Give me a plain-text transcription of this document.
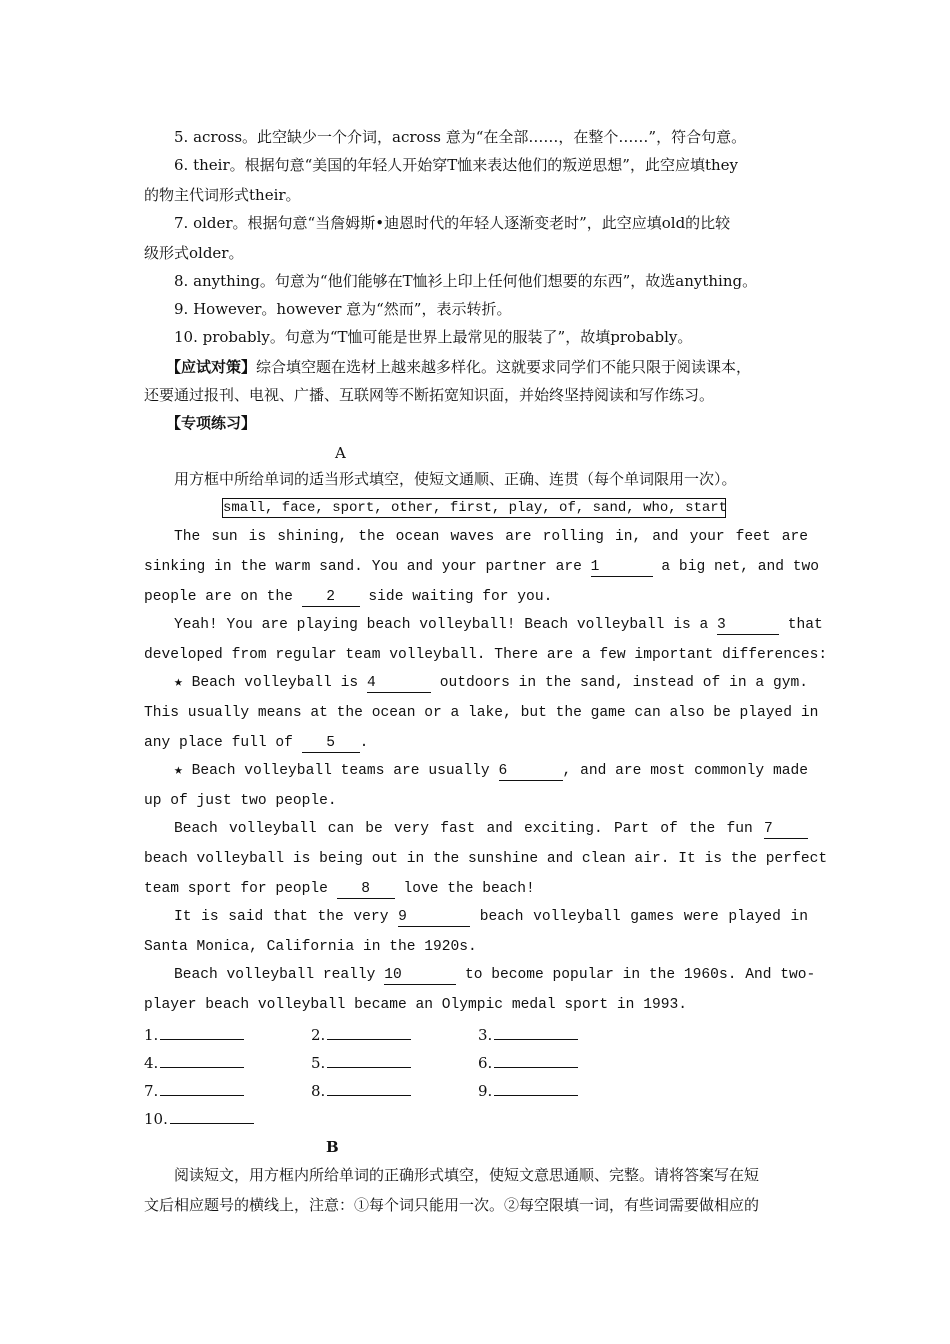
5. across。此空缺少一个介词，across 意为“在全部……，在整个……”，符合句意。
6. their。根据句意“美国的年轻人开始穿T恤来表达他们的叛逆思想”，此空应填they
的物主代词形式their。
7. older。根据句意“当詹姆斯•迪恩时代的年轻人逐渐变老时”，此空应填old的比较
级形式older。
8. anything。句意为“他们能够在T恤衫上印上任何他们想要的东西”，故选anything。
9. However。however 意为“然而”，表示转折。
10. probably。句意为“T恤可能是世界上最常见的服装了”，故填probably。
【应试对策】综合填空题在选材上越来越多样化。这就要求同学们不能只限于阅读课本，
还要通过报刊、电视、广播、互联网等不断拓宽知识面，并始终坚持阅读和写作练习。
【专项练习】
A
用方框中所给单词的适当形式填空，使短文通顺、正确、连贯（每个单词限用一次）。
small, face, sport, other, first, play, of, sand, who, start
The sun is shining, the ocean waves are rolling in, and your feet are
sinking in the warm sand. You and your partner are 1	a big net, and two
people are on the 2 side waiting for you.
Yeah! You are playing beach volleyball! Beach volleyball is a 3	that
developed from regular team volleyball. There are a few important differences:
★ Beach volleyball is 4	outdoors in the sand, instead of in a gym.
This usually means at the ocean or a lake, but the game can also be played in
any place full of 5 .
★ Beach volleyball teams are usually 6	, and are most commonly made
up of just two people.
Beach volleyball can be very fast and exciting. Part of the fun 7
beach volleyball is being out in the sunshine and clean air. It is the perfect
team sport for people 8 love the beach!
It is said that the very 9	beach volleyball games were played in
Santa Monica, California in the 1920s.
Beach volleyball really 10	to become popular in the 1960s. And two-
player beach volleyball became an Olympic medal sport in 1993.
1.	2.	3.
4.	5.	6.
7.	8.	9.
10.
B
阅读短文，用方框内所给单词的正确形式填空，使短文意思通顺、完整。请将答案写在短
文后相应题号的横线上，注意：①每个词只能用一次。②每空限填一词，有些词需要做相应的
